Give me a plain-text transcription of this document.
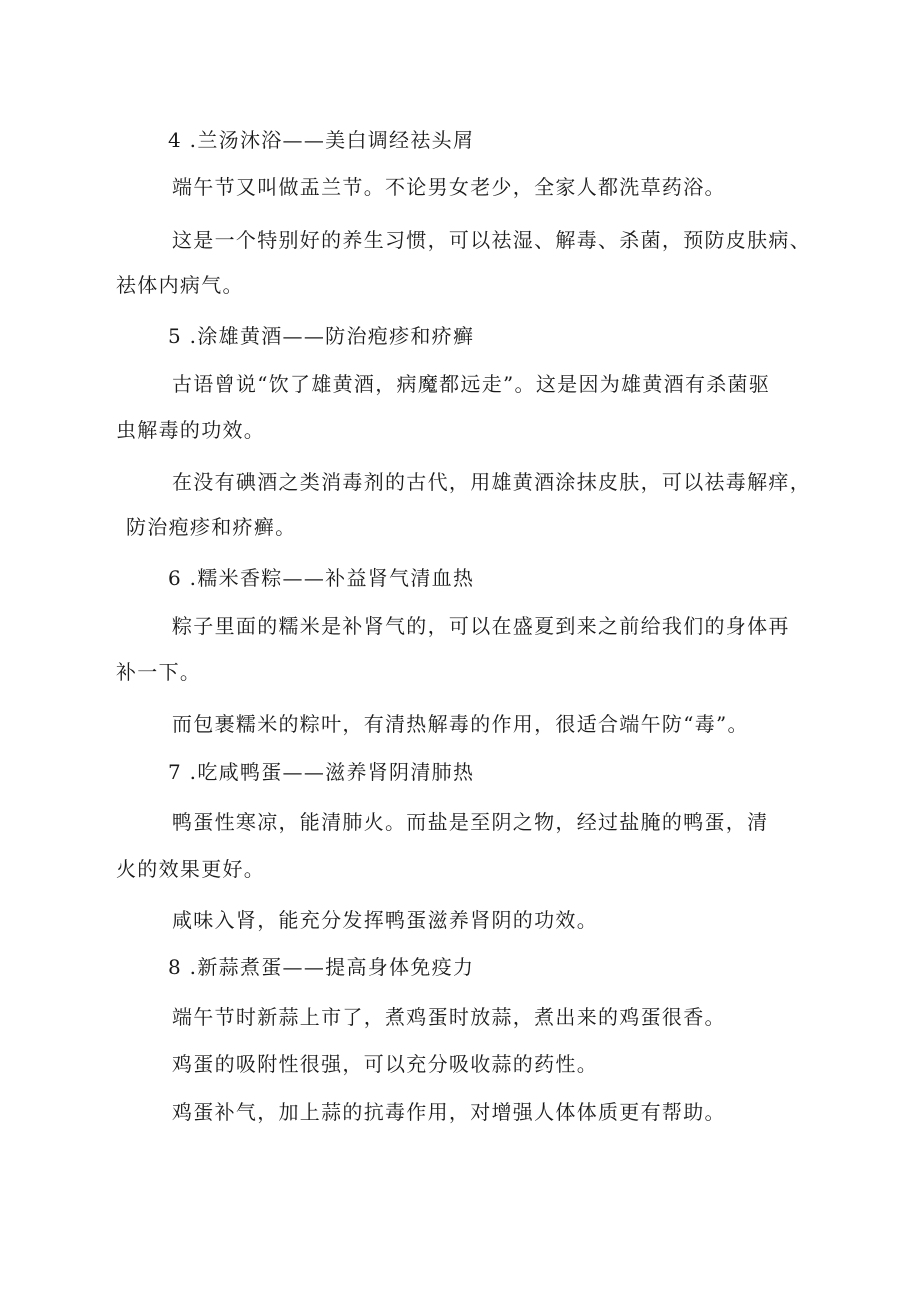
4 .兰汤沐浴——美白调经祛头屑
端午节又叫做盂兰节。不论男女老少，全家人都洗草药浴。
这是一个特别好的养生习惯，可以祛湿、解毒、杀菌，预防皮肤病、
祛体内病气。
5 .涂雄黄酒——防治疱疹和疥癣
古语曾说“饮了雄黄酒，病魔都远走”。这是因为雄黄酒有杀菌驱
虫解毒的功效。
在没有碘酒之类消毒剂的古代，用雄黄酒涂抹皮肤，可以祛毒解痒，
防治疱疹和疥癣。
6 .糯米香粽——补益肾气清血热
粽子里面的糯米是补肾气的，可以在盛夏到来之前给我们的身体再
补一下。
而包裹糯米的粽叶，有清热解毒的作用，很适合端午防“毒”。
7 .吃咸鸭蛋——滋养肾阴清肺热
鸭蛋性寒凉，能清肺火。而盐是至阴之物，经过盐腌的鸭蛋，清
火的效果更好。
咸味入肾，能充分发挥鸭蛋滋养肾阴的功效。
8 .新蒜煮蛋——提高身体免疫力
端午节时新蒜上市了，煮鸡蛋时放蒜，煮出来的鸡蛋很香。
鸡蛋的吸附性很强，可以充分吸收蒜的药性。
鸡蛋补气，加上蒜的抗毒作用，对增强人体体质更有帮助。
